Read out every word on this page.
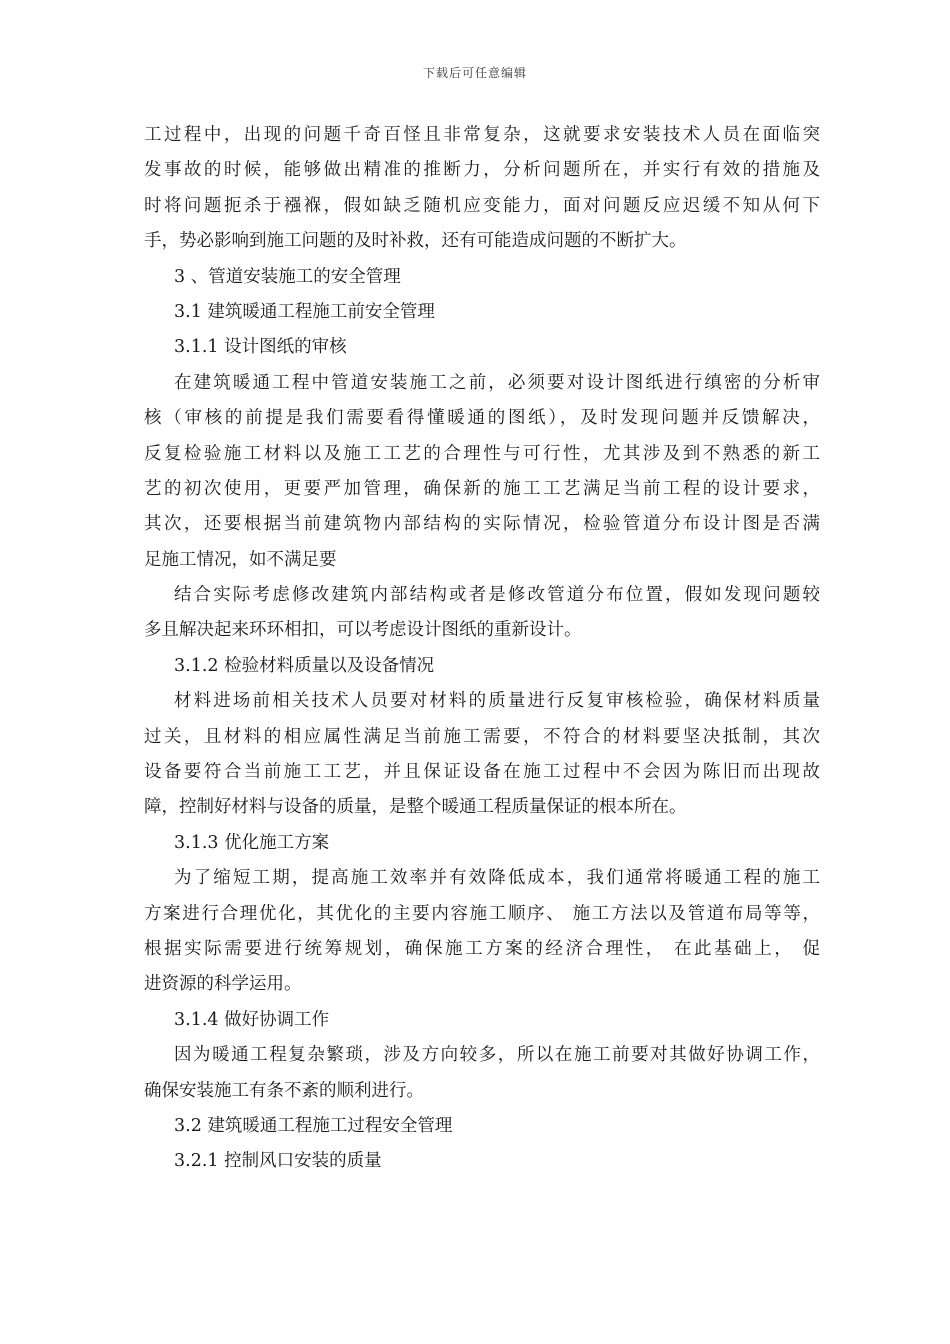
下载后可任意编辑
工过程中，出现的问题千奇百怪且非常复杂，这就要求安装技术人员在面临突
发事故的时候，能够做出精准的推断力，分析问题所在，并实行有效的措施及
时将问题扼杀于襁褓，假如缺乏随机应变能力，面对问题反应迟缓不知从何下
手，势必影响到施工问题的及时补救，还有可能造成问题的不断扩大。
3 、管道安装施工的安全管理
3.1 建筑暖通工程施工前安全管理
3.1.1 设计图纸的审核
在建筑暖通工程中管道安装施工之前，必须要对设计图纸进行缜密的分析审
核（审核的前提是我们需要看得懂暖通的图纸），及时发现问题并反馈解决，
反复检验施工材料以及施工工艺的合理性与可行性，尤其涉及到不熟悉的新工
艺的初次使用，更要严加管理，确保新的施工工艺满足当前工程的设计要求，
其次，还要根据当前建筑物内部结构的实际情况，检验管道分布设计图是否满
足施工情况，如不满足要
结合实际考虑修改建筑内部结构或者是修改管道分布位置，假如发现问题较
多且解决起来环环相扣，可以考虑设计图纸的重新设计。
3.1.2 检验材料质量以及设备情况
材料进场前相关技术人员要对材料的质量进行反复审核检验，确保材料质量
过关，且材料的相应属性满足当前施工需要，不符合的材料要坚决抵制，其次
设备要符合当前施工工艺，并且保证设备在施工过程中不会因为陈旧而出现故
障，控制好材料与设备的质量，是整个暖通工程质量保证的根本所在。
3.1.3 优化施工方案
为了缩短工期，提高施工效率并有效降低成本，我们通常将暖通工程的施工
方案进行合理优化，其优化的主要内容施工顺序、 施工方法以及管道布局等等，
根据实际需要进行统筹规划，确保施工方案的经济合理性， 在此基础上， 促
进资源的科学运用。
3.1.4 做好协调工作
因为暖通工程复杂繁琐，涉及方向较多，所以在施工前要对其做好协调工作，
确保安装施工有条不紊的顺利进行。
3.2 建筑暖通工程施工过程安全管理
3.2.1 控制风口安装的质量
